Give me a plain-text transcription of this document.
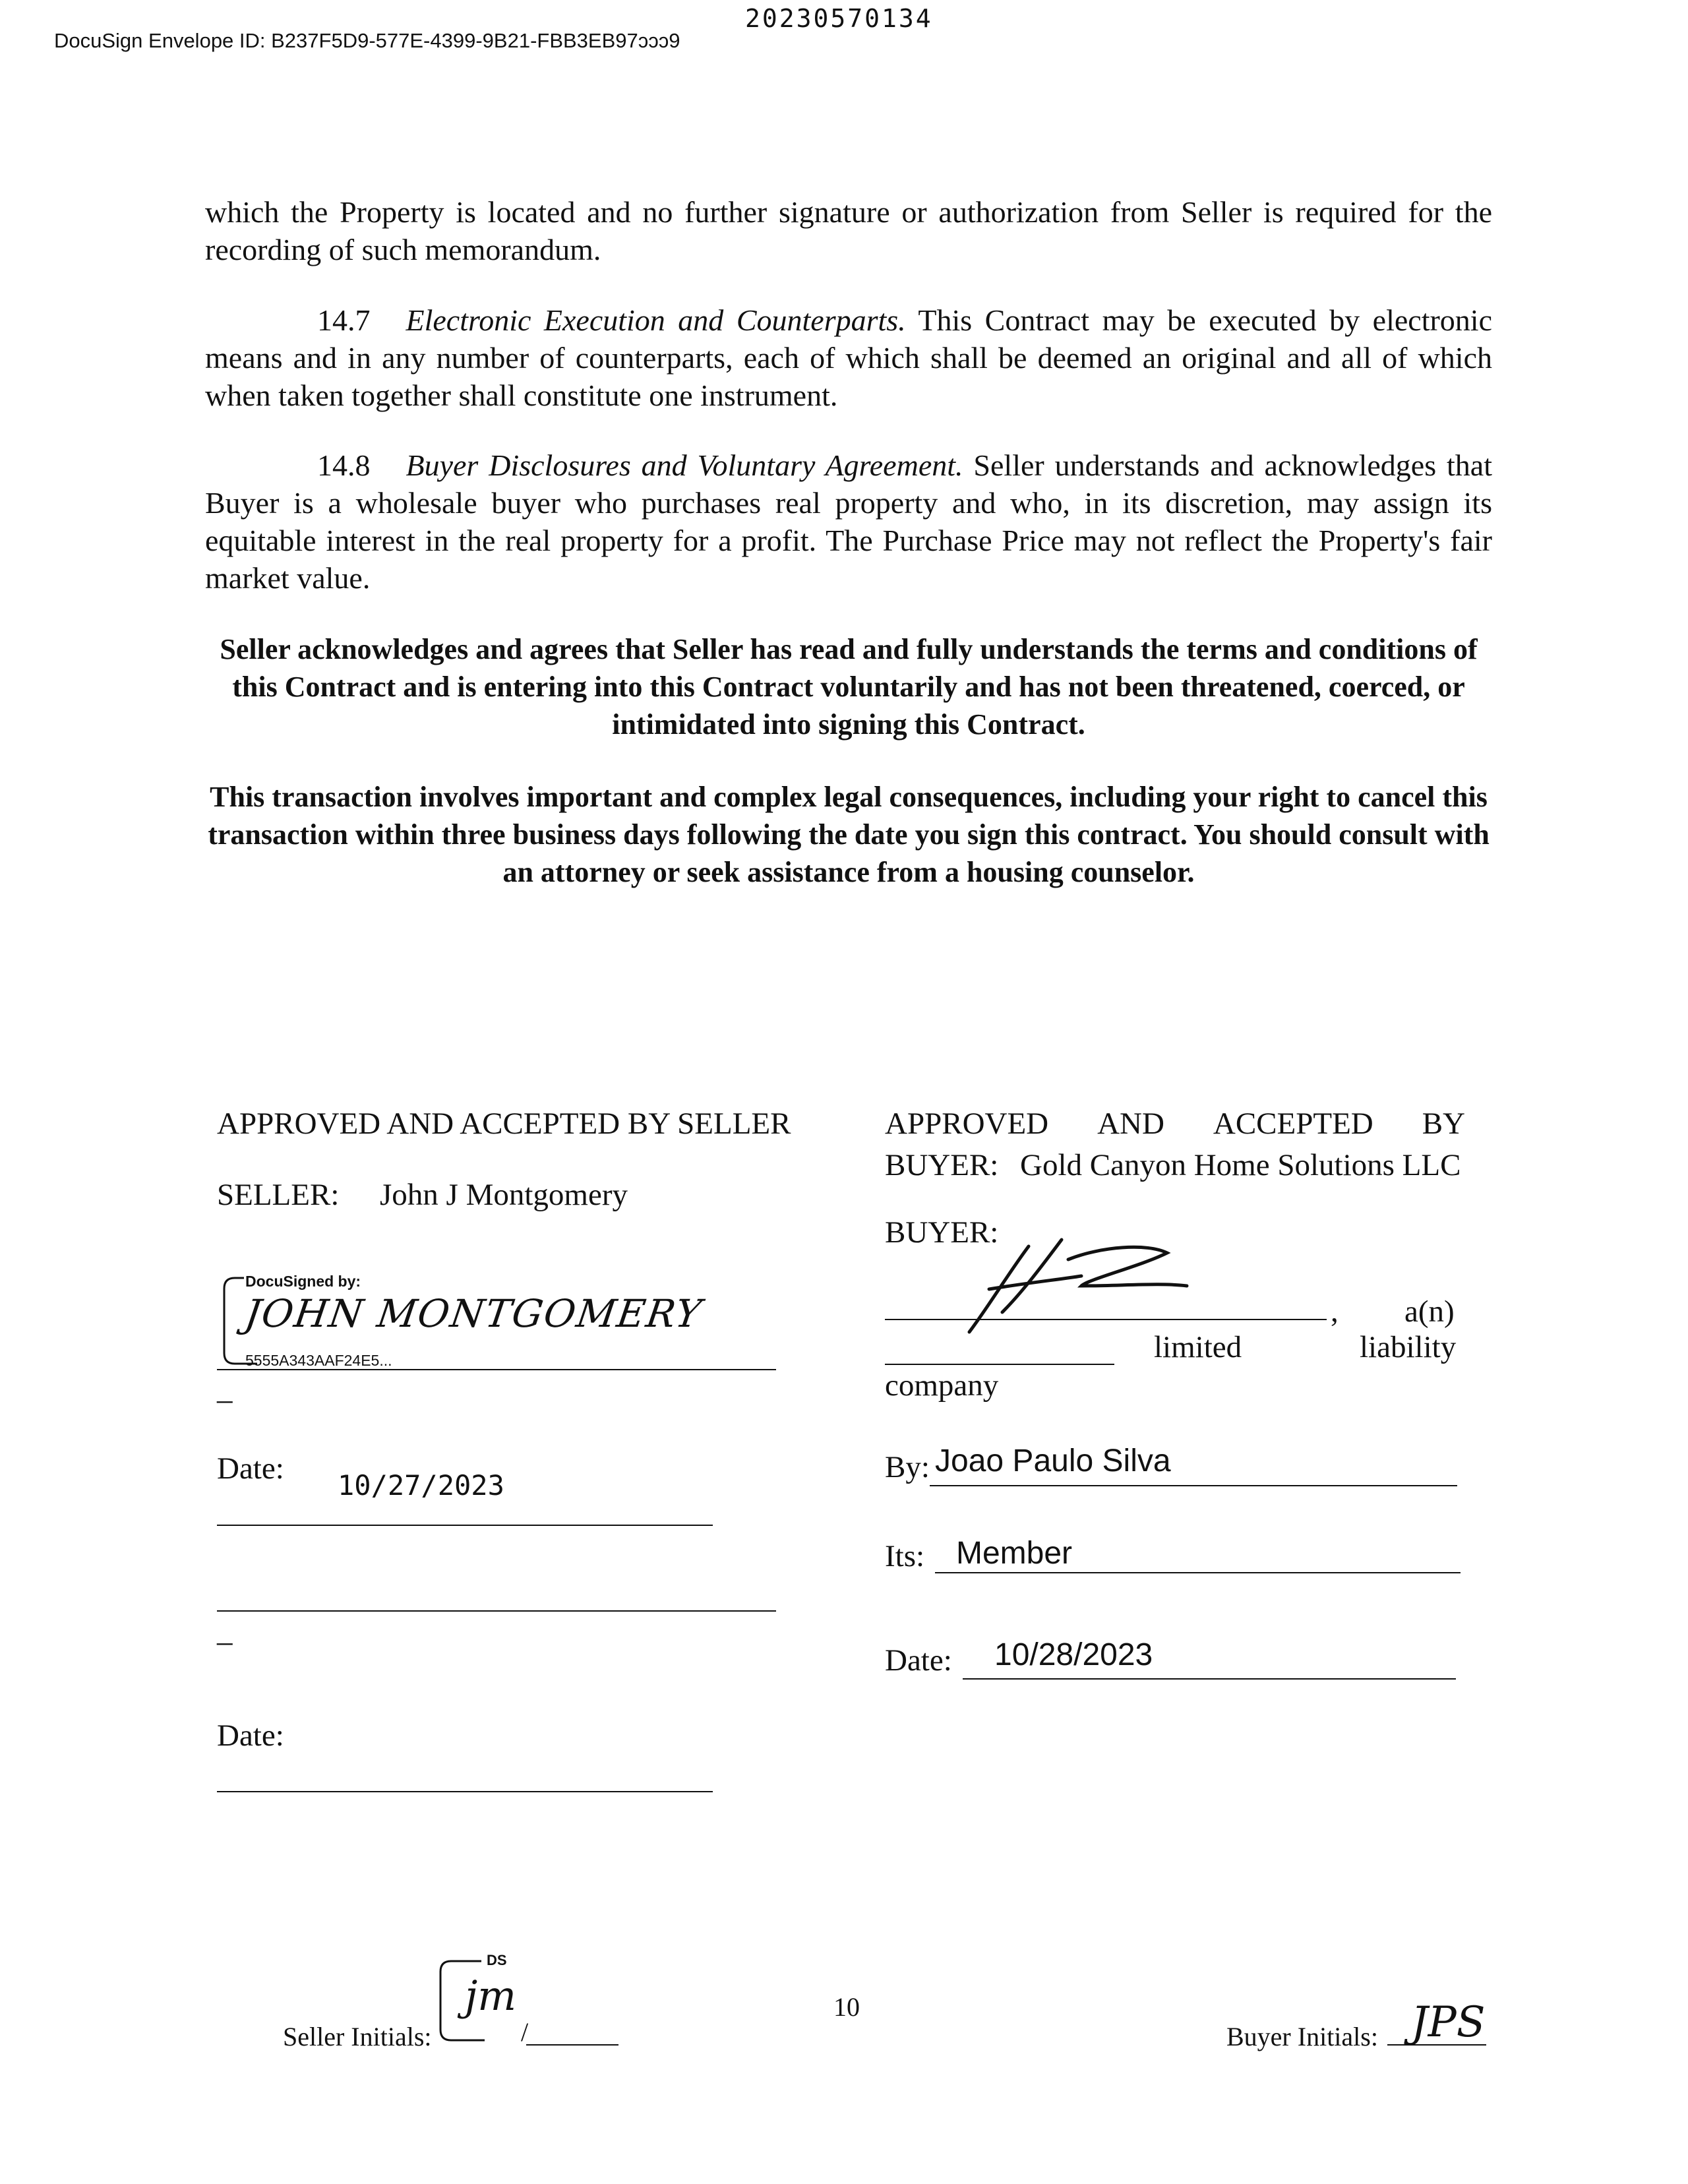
20230570134
DocuSign Envelope ID: B237F5D9-577E-4399-9B21-FBB3EB97ɔɔɔ9
which the Property is located and no further signature or authorization from Seller is required for the recording of such memorandum.
14.7 Electronic Execution and Counterparts. This Contract may be executed by electronic means and in any number of counterparts, each of which shall be deemed an original and all of which when taken together shall constitute one instrument.
14.8 Buyer Disclosures and Voluntary Agreement. Seller understands and acknowledges that Buyer is a wholesale buyer who purchases real property and who, in its discretion, may assign its equitable interest in the real property for a profit. The Purchase Price may not reflect the Property's fair market value.
Seller acknowledges and agrees that Seller has read and fully understands the terms and conditions of this Contract and is entering into this Contract voluntarily and has not been threatened, coerced, or intimidated into signing this Contract.
This transaction involves important and complex legal consequences, including your right to cancel this transaction within three business days following the date you sign this contract. You should consult with an attorney or seek assistance from a housing counselor.
APPROVED AND ACCEPTED BY SELLER
SELLER: John J Montgomery
DocuSigned by:
JOHN MONTGOMERY
5555A343AAF24E5...
–
Date: 10/27/2023
–
Date:
APPROVED AND ACCEPTED BY
BUYER: Gold Canyon Home Solutions LLC
BUYER:
, a(n)
limited	liability
company
By: Joao Paulo Silva
Its: Member
Date: 10/28/2023
Seller Initials:
DS
jm
/
10
Buyer Initials: JPS
